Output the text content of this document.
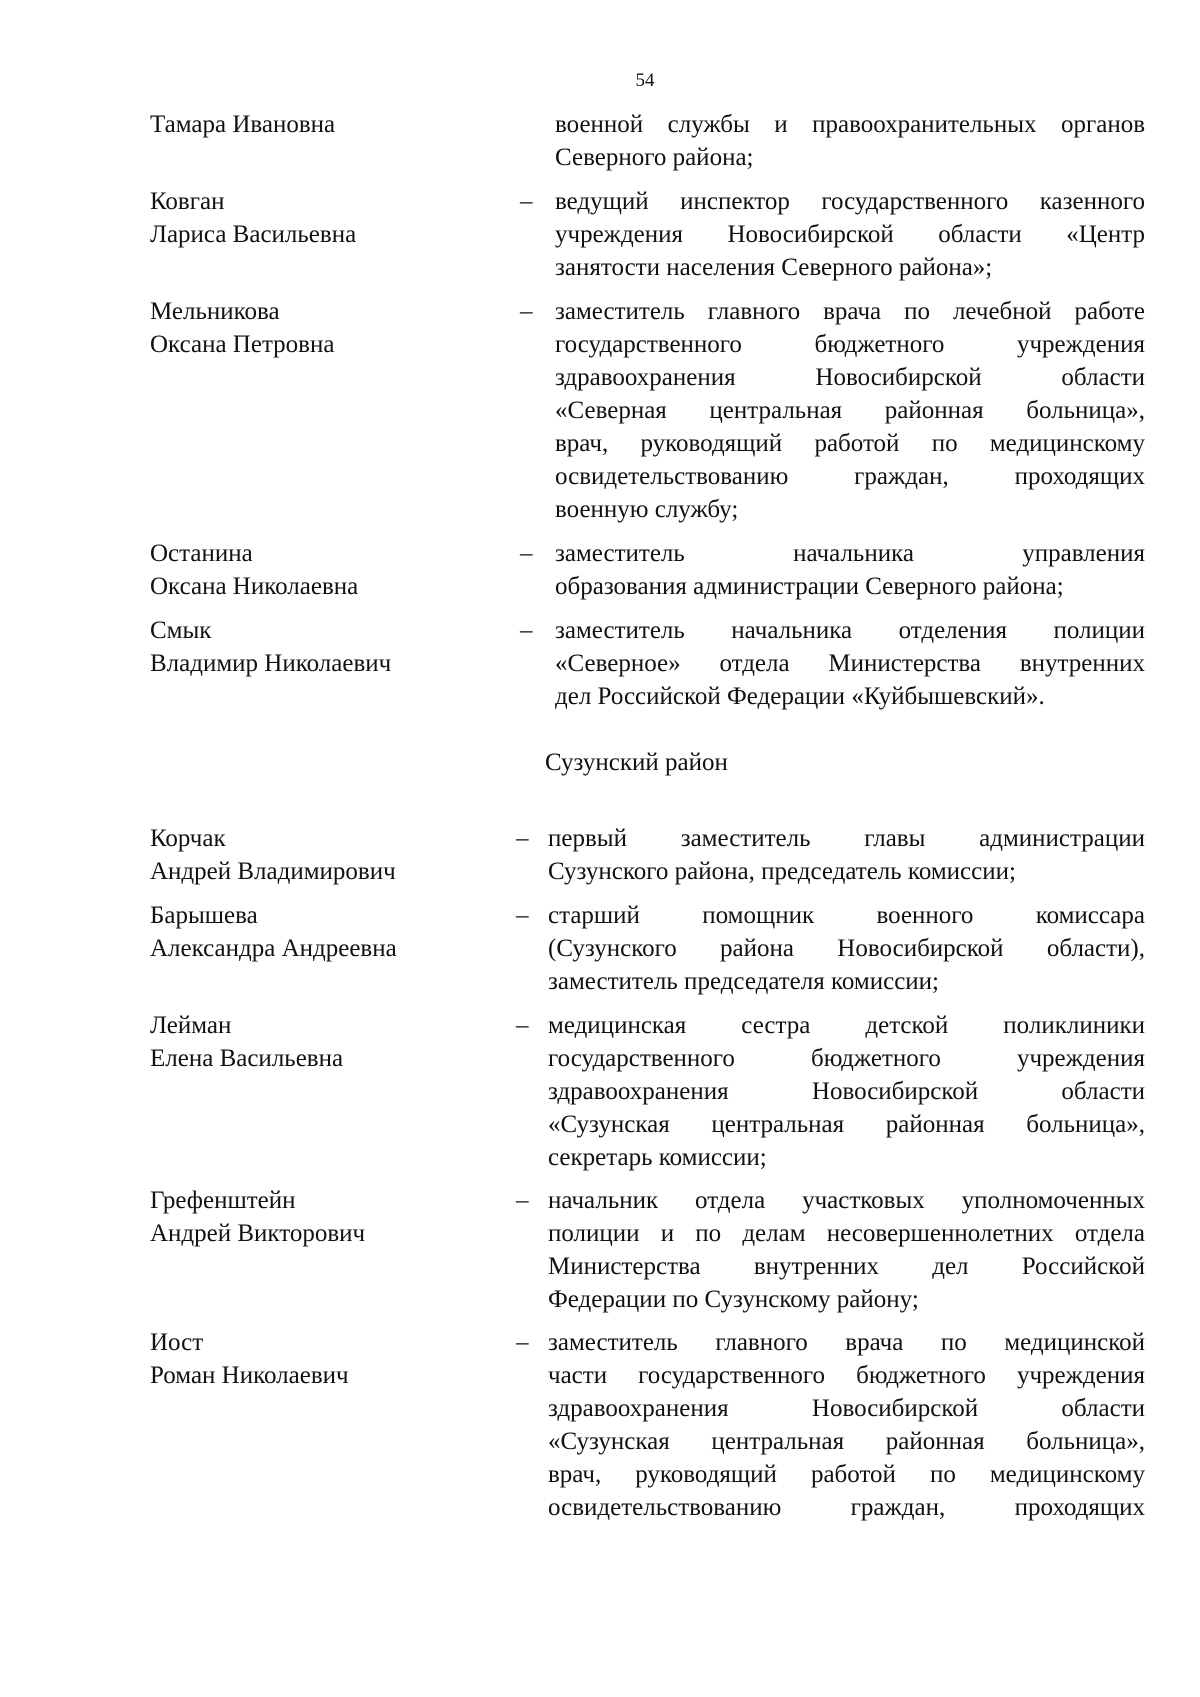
54
Тамара Ивановна	военной службы и правоохранительных органов
Северного района;
Ковган
Лариса Васильевна
– ведущий инспектор государственного казенного
учреждения Новосибирской области «Центр
занятости населения Северного района»;
Мельникова
Оксана Петровна
– заместитель главного врача по лечебной работе
государственного бюджетного учреждения
здравоохранения Новосибирской области
«Северная центральная районная больница»,
врач, руководящий работой по медицинскому
освидетельствованию граждан, проходящих
военную службу;
Останина
Оксана Николаевна
– заместитель начальника управления
образования администрации Северного района;
Смык
Владимир Николаевич
– заместитель начальника отделения полиции
«Северное» отдела Министерства внутренних
дел Российской Федерации «Куйбышевский».
Сузунский район
Корчак
Андрей Владимирович
– первый заместитель главы администрации
Сузунского района, председатель комиссии;
Барышева
Александра Андреевна
– старший помощник военного комиссара
(Сузунского района Новосибирской области),
заместитель председателя комиссии;
Лейман
Елена Васильевна
– медицинская сестра детской поликлиники
государственного бюджетного учреждения
здравоохранения Новосибирской области
«Сузунская центральная районная больница»,
секретарь комиссии;
Грефенштейн
Андрей Викторович
– начальник отдела участковых уполномоченных
полиции и по делам несовершеннолетних отдела
Министерства внутренних дел Российской
Федерации по Сузунскому району;
Иост
Роман Николаевич
– заместитель главного врача по медицинской
части государственного бюджетного учреждения
здравоохранения Новосибирской области
«Сузунская центральная районная больница»,
врач, руководящий работой по медицинскому
освидетельствованию граждан, проходящих
